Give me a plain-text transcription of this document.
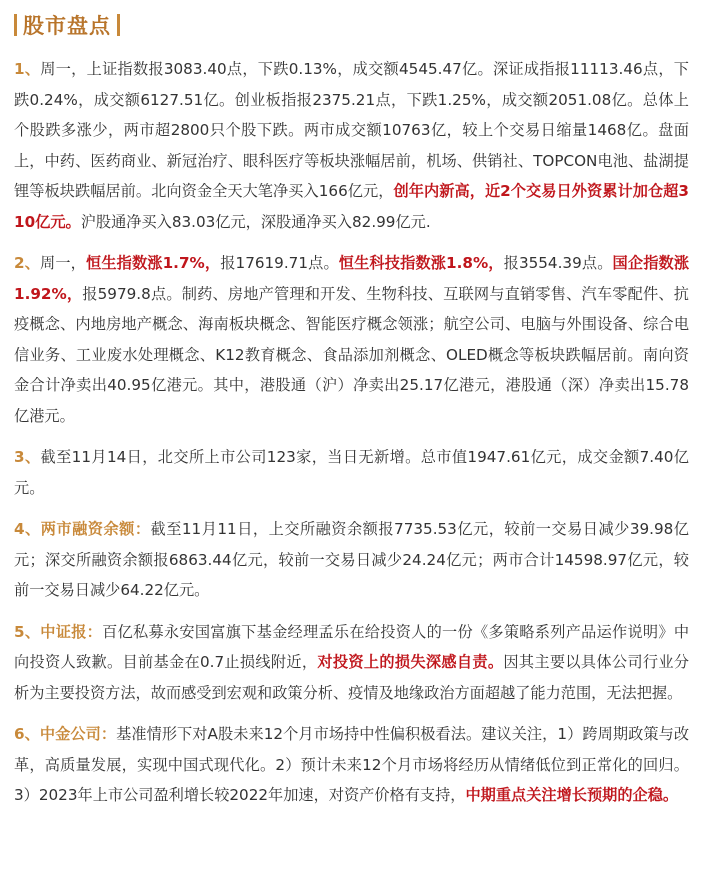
股市盘点

1、周一，上证指数报3083.40点，下跌0.13%，成交额4545.47亿。深证成指报11113.46点，下跌0.24%，成交额6127.51亿。创业板指报2375.21点，下跌1.25%，成交额2051.08亿。总体上个股跌多涨少，两市超2800只个股下跌。两市成交额10763亿，较上个交易日缩量1468亿。盘面上，中药、医药商业、新冠治疗、眼科医疗等板块涨幅居前，机场、供销社、TOPCON电池、盐湖提锂等板块跌幅居前。北向资金全天大笔净买入166亿元，创年内新高，近2个交易日外资累计加仓超310亿元。沪股通净买入83.03亿元，深股通净买入82.99亿元.

2、周一，恒生指数涨1.7%，报17619.71点。恒生科技指数涨1.8%，报3554.39点。国企指数涨1.92%，报5979.8点。制药、房地产管理和开发、生物科技、互联网与直销零售、汽车零配件、抗疫概念、内地房地产概念、海南板块概念、智能医疗概念领涨；航空公司、电脑与外围设备、综合电信业务、工业废水处理概念、K12教育概念、食品添加剂概念、OLED概念等板块跌幅居前。南向资金合计净卖出40.95亿港元。其中，港股通（沪）净卖出25.17亿港元，港股通（深）净卖出15.78亿港元。

3、截至11月14日，北交所上市公司123家，当日无新增。总市值1947.61亿元，成交金额7.40亿元。

4、两市融资余额：截至11月11日，上交所融资余额报7735.53亿元，较前一交易日减少39.98亿元；深交所融资余额报6863.44亿元，较前一交易日减少24.24亿元；两市合计14598.97亿元，较前一交易日减少64.22亿元。

5、中证报：百亿私募永安国富旗下基金经理孟乐在给投资人的一份《多策略系列产品运作说明》中向投资人致歉。目前基金在0.7止损线附近，对投资上的损失深感自责。因其主要以具体公司行业分析为主要投资方法，故而感受到宏观和政策分析、疫情及地缘政治方面超越了能力范围，无法把握。

6、中金公司：基准情形下对A股未来12个月市场持中性偏积极看法。建议关注，1）跨周期政策与改革，高质量发展，实现中国式现代化。2）预计未来12个月市场将经历从情绪低位到正常化的回归。3）2023年上市公司盈利增长较2022年加速，对资产价格有支持，中期重点关注增长预期的企稳。
